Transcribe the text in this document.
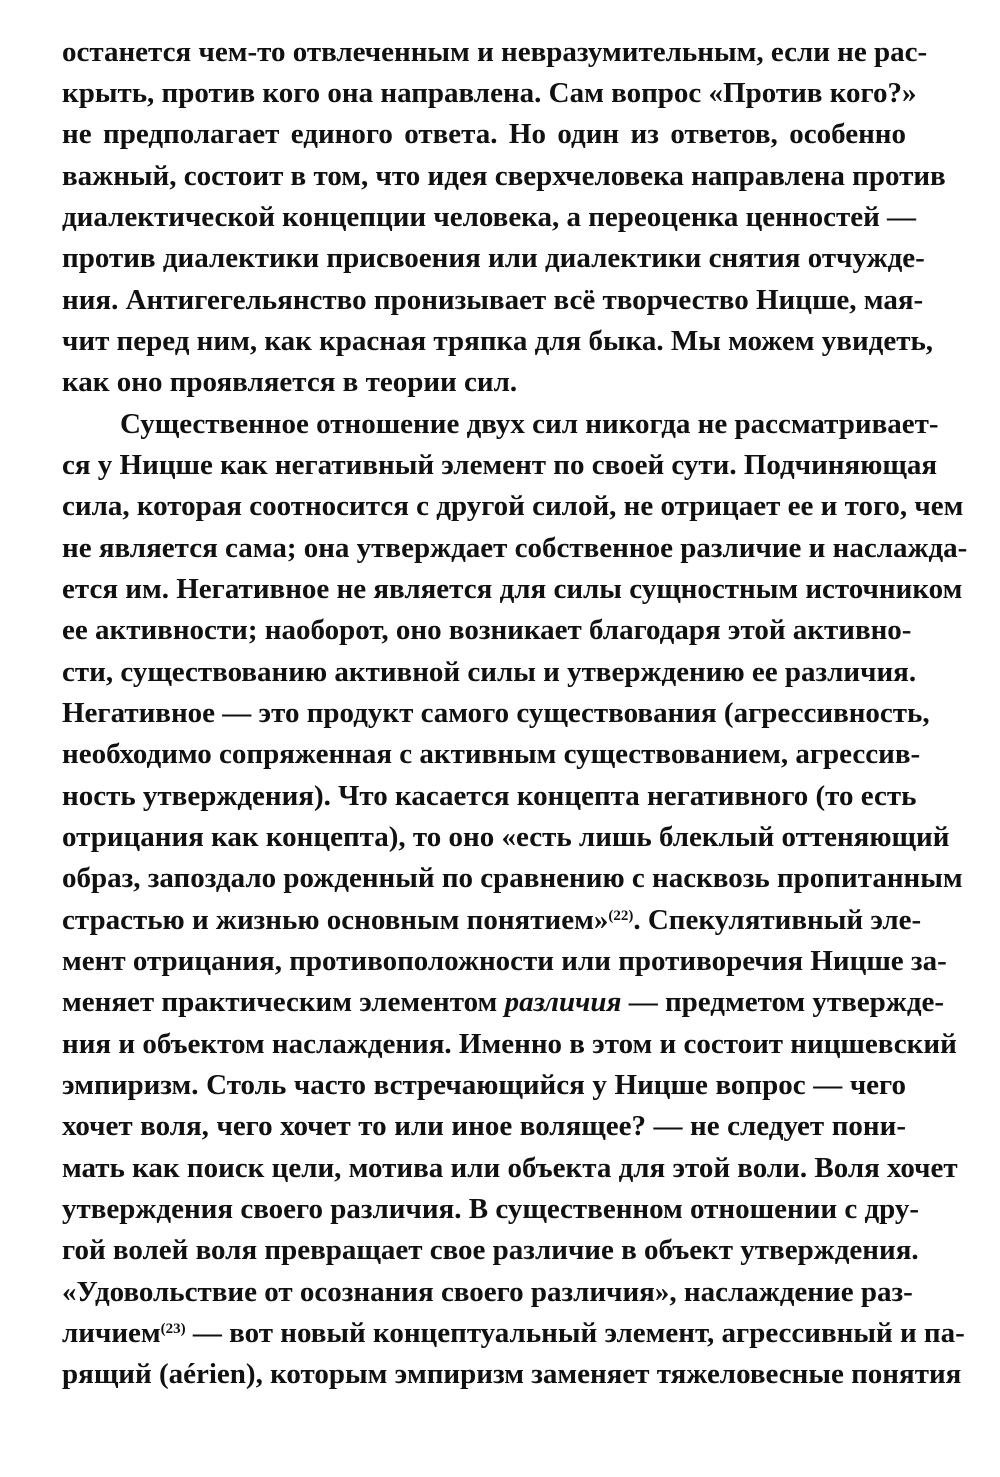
останется чем-то отвлеченным и невразумительным, если не рас-
крыть, против кого она направлена. Сам вопрос «Против кого?»
не предполагает единого ответа. Но один из ответов, особенно
важный, состоит в том, что идея сверхчеловека направлена против
диалектической концепции человека, а переоценка ценностей —
против диалектики присвоения или диалектики снятия отчужде-
ния. Антигегельянство пронизывает всё творчество Ницше, мая-
чит перед ним, как красная тряпка для быка. Мы можем увидеть,
как оно проявляется в теории сил.
Существенное отношение двух сил никогда не рассматривает-
ся у Ницше как негативный элемент по своей сути. Подчиняющая
сила, которая соотносится с другой силой, не отрицает ее и того, чем
не является сама; она утверждает собственное различие и наслажда-
ется им. Негативное не является для силы сущностным источником
ее активности; наоборот, оно возникает благодаря этой активно-
сти, существованию активной силы и утверждению ее различия.
Негативное — это продукт самого существования (агрессивность,
необходимо сопряженная с активным существованием, агрессив-
ность утверждения). Что касается концепта негативного (то есть
отрицания как концепта), то оно «есть лишь блеклый оттеняющий
образ, запоздало рожденный по сравнению с насквозь пропитанным
страстью и жизнью основным понятием»$^{(22)}$. Спекулятивный эле-
мент отрицания, противоположности или противоречия Ницше за-
меняет практическим элементом различия — предметом утвержде-
ния и объектом наслаждения. Именно в этом и состоит ницшевский
эмпиризм. Столь часто встречающийся у Ницше вопрос — чего
хочет воля, чего хочет то или иное волящее? — не следует пони-
мать как поиск цели, мотива или объекта для этой воли. Воля хочет
утверждения своего различия. В существенном отношении с дру-
гой волей воля превращает свое различие в объект утверждения.
«Удовольствие от осознания своего различия», наслаждение раз-
личием$^{(23)}$ — вот новый концептуальный элемент, агрессивный и па-
рящий (aérien), которым эмпиризм заменяет тяжеловесные понятия
